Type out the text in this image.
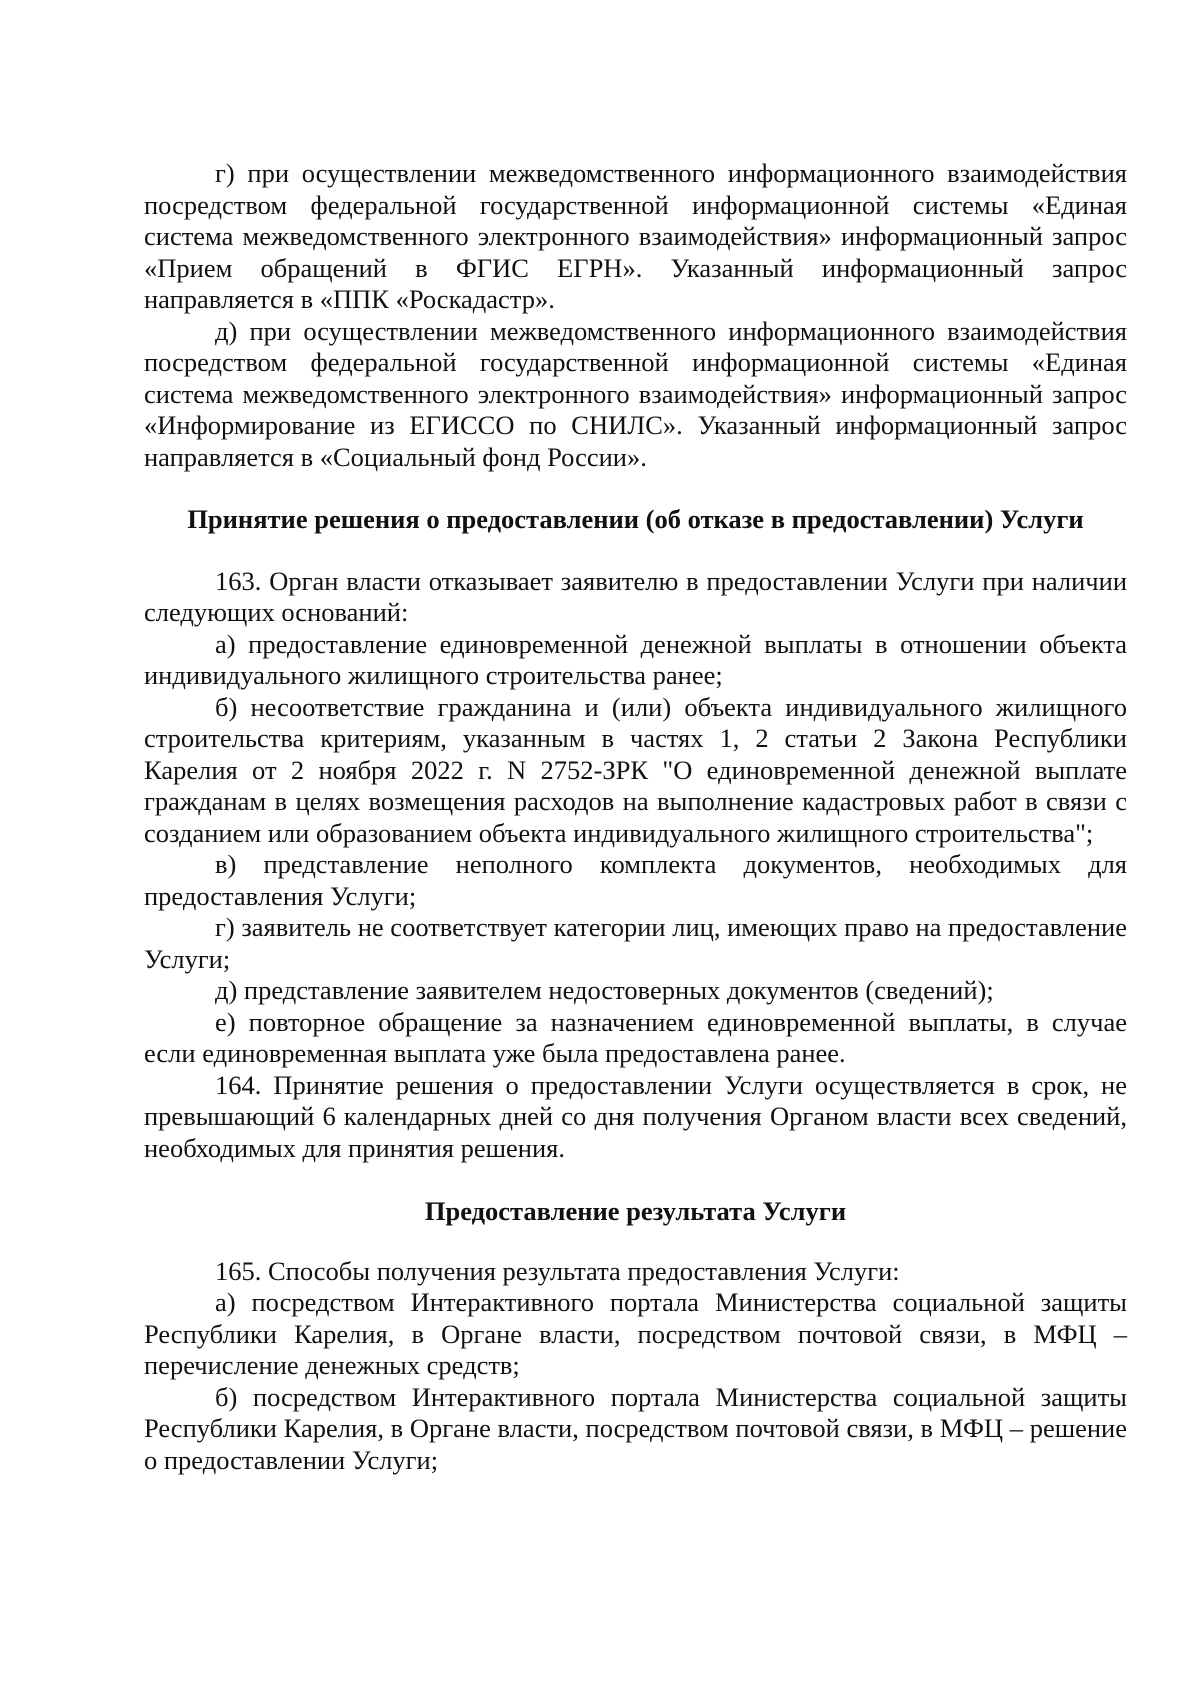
г) при осуществлении межведомственного информационного взаимодействия посредством федеральной государственной информационной системы «Единая система межведомственного электронного взаимодействия» информационный запрос «Прием обращений в ФГИС ЕГРН». Указанный информационный запрос направляется в «ППК «Роскадастр».

д) при осуществлении межведомственного информационного взаимодействия посредством федеральной государственной информационной системы «Единая система межведомственного электронного взаимодействия» информационный запрос «Информирование из ЕГИССО по СНИЛС». Указанный информационный запрос направляется в «Социальный фонд России».

Принятие решения о предоставлении (об отказе в предоставлении) Услуги

163. Орган власти отказывает заявителю в предоставлении Услуги при наличии следующих оснований:

а) предоставление единовременной денежной выплаты в отношении объекта индивидуального жилищного строительства ранее;

б) несоответствие гражданина и (или) объекта индивидуального жилищного строительства критериям, указанным в частях 1, 2 статьи 2 Закона Республики Карелия от 2 ноября 2022 г. N 2752-ЗРК "О единовременной денежной выплате гражданам в целях возмещения расходов на выполнение кадастровых работ в связи с созданием или образованием объекта индивидуального жилищного строительства";

в) представление неполного комплекта документов, необходимых для предоставления Услуги;

г) заявитель не соответствует категории лиц, имеющих право на предоставление Услуги;

д) представление заявителем недостоверных документов (сведений);

е) повторное обращение за назначением единовременной выплаты, в случае если единовременная выплата уже была предоставлена ранее.

164. Принятие решения о предоставлении Услуги осуществляется в срок, не превышающий 6 календарных дней со дня получения Органом власти всех сведений, необходимых для принятия решения.

Предоставление результата Услуги

165. Способы получения результата предоставления Услуги:

а) посредством Интерактивного портала Министерства социальной защиты Республики Карелия, в Органе власти, посредством почтовой связи, в МФЦ – перечисление денежных средств;

б) посредством Интерактивного портала Министерства социальной защиты Республики Карелия, в Органе власти, посредством почтовой связи, в МФЦ – решение о предоставлении Услуги;
